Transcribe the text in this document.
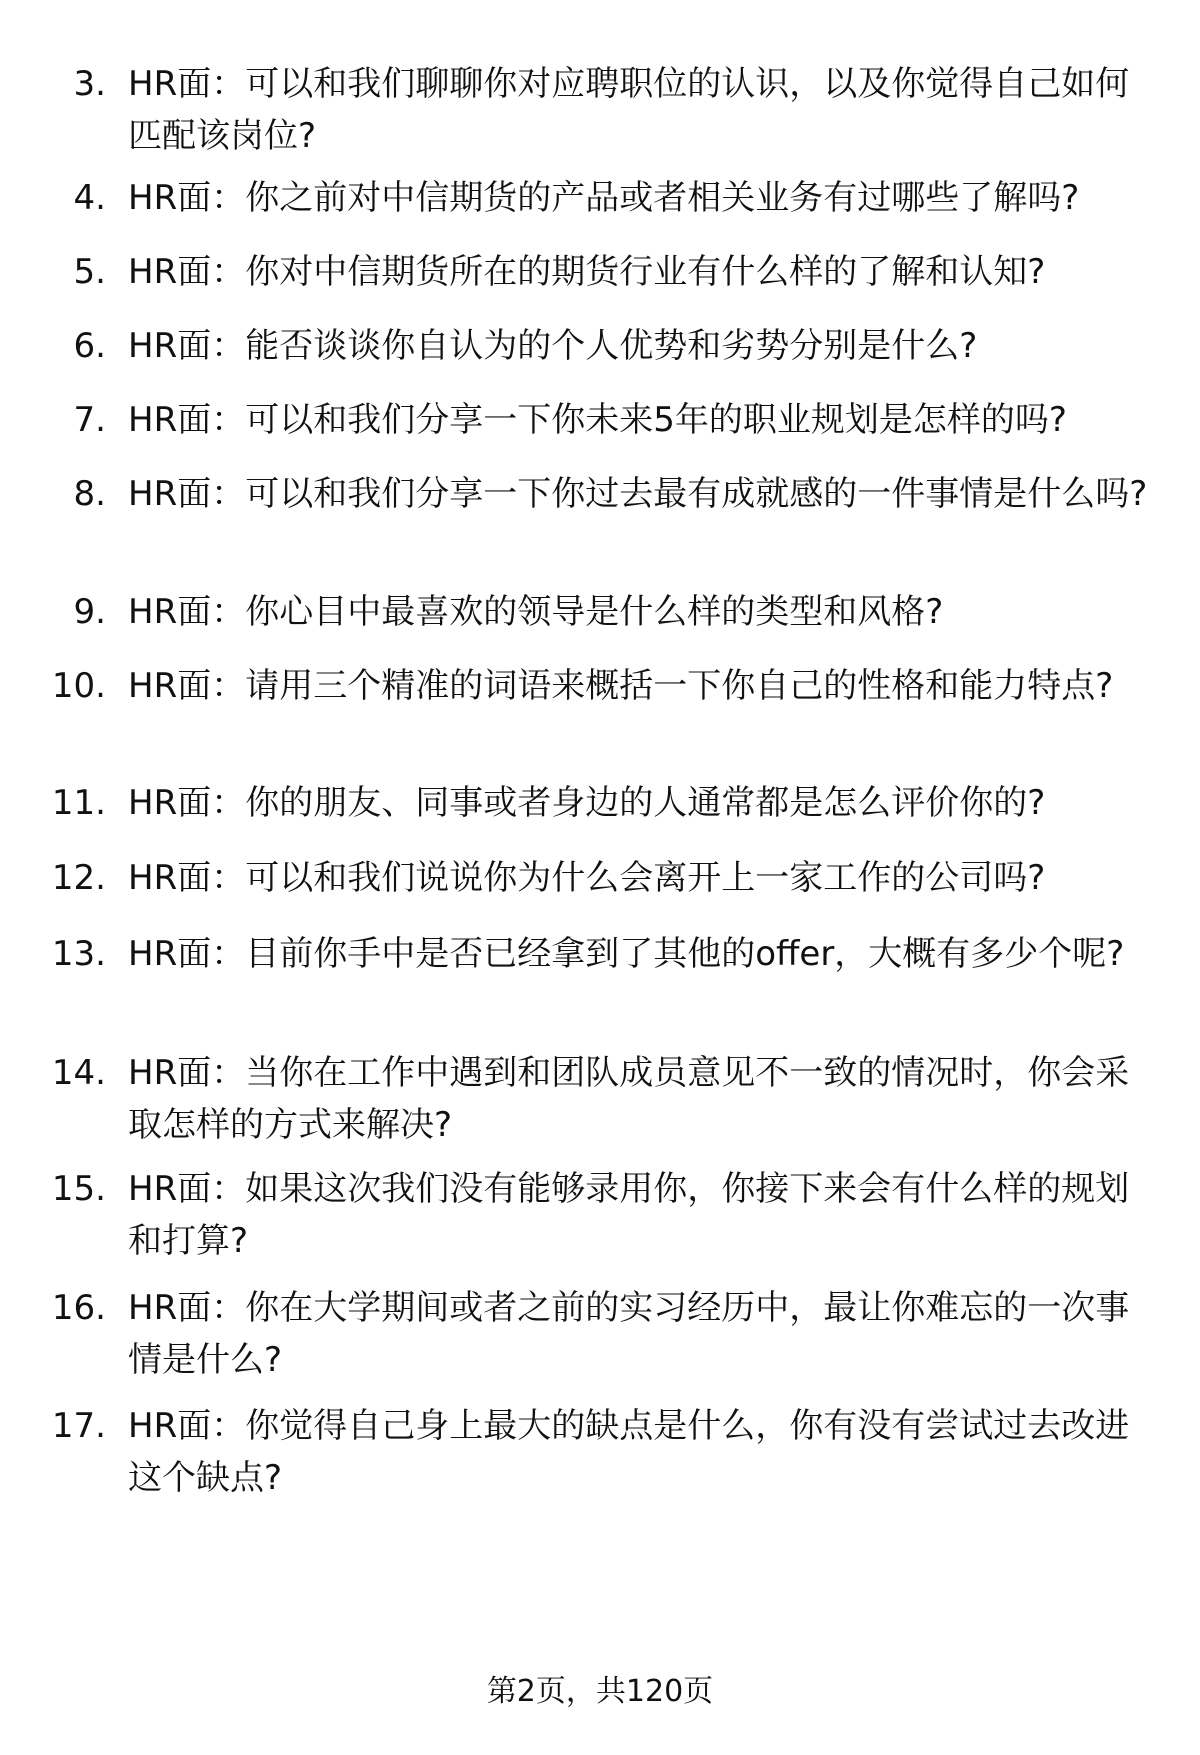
3. HR面：可以和我们聊聊你对应聘职位的认识，以及你觉得自己如何匹配该岗位?
4. HR面：你之前对中信期货的产品或者相关业务有过哪些了解吗?
5. HR面：你对中信期货所在的期货行业有什么样的了解和认知?
6. HR面：能否谈谈你自认为的个人优势和劣势分别是什么?
7. HR面：可以和我们分享一下你未来5年的职业规划是怎样的吗?
8. HR面：可以和我们分享一下你过去最有成就感的一件事情是什么吗?
9. HR面：你心目中最喜欢的领导是什么样的类型和风格?
10. HR面：请用三个精准的词语来概括一下你自己的性格和能力特点?
11. HR面：你的朋友、同事或者身边的人通常都是怎么评价你的?
12. HR面：可以和我们说说你为什么会离开上一家工作的公司吗?
13. HR面：目前你手中是否已经拿到了其他的offer，大概有多少个呢?
14. HR面：当你在工作中遇到和团队成员意见不一致的情况时，你会采取怎样的方式来解决?
15. HR面：如果这次我们没有能够录用你，你接下来会有什么样的规划和打算?
16. HR面：你在大学期间或者之前的实习经历中，最让你难忘的一次事情是什么?
17. HR面：你觉得自己身上最大的缺点是什么，你有没有尝试过去改进这个缺点?
第2页，共120页
